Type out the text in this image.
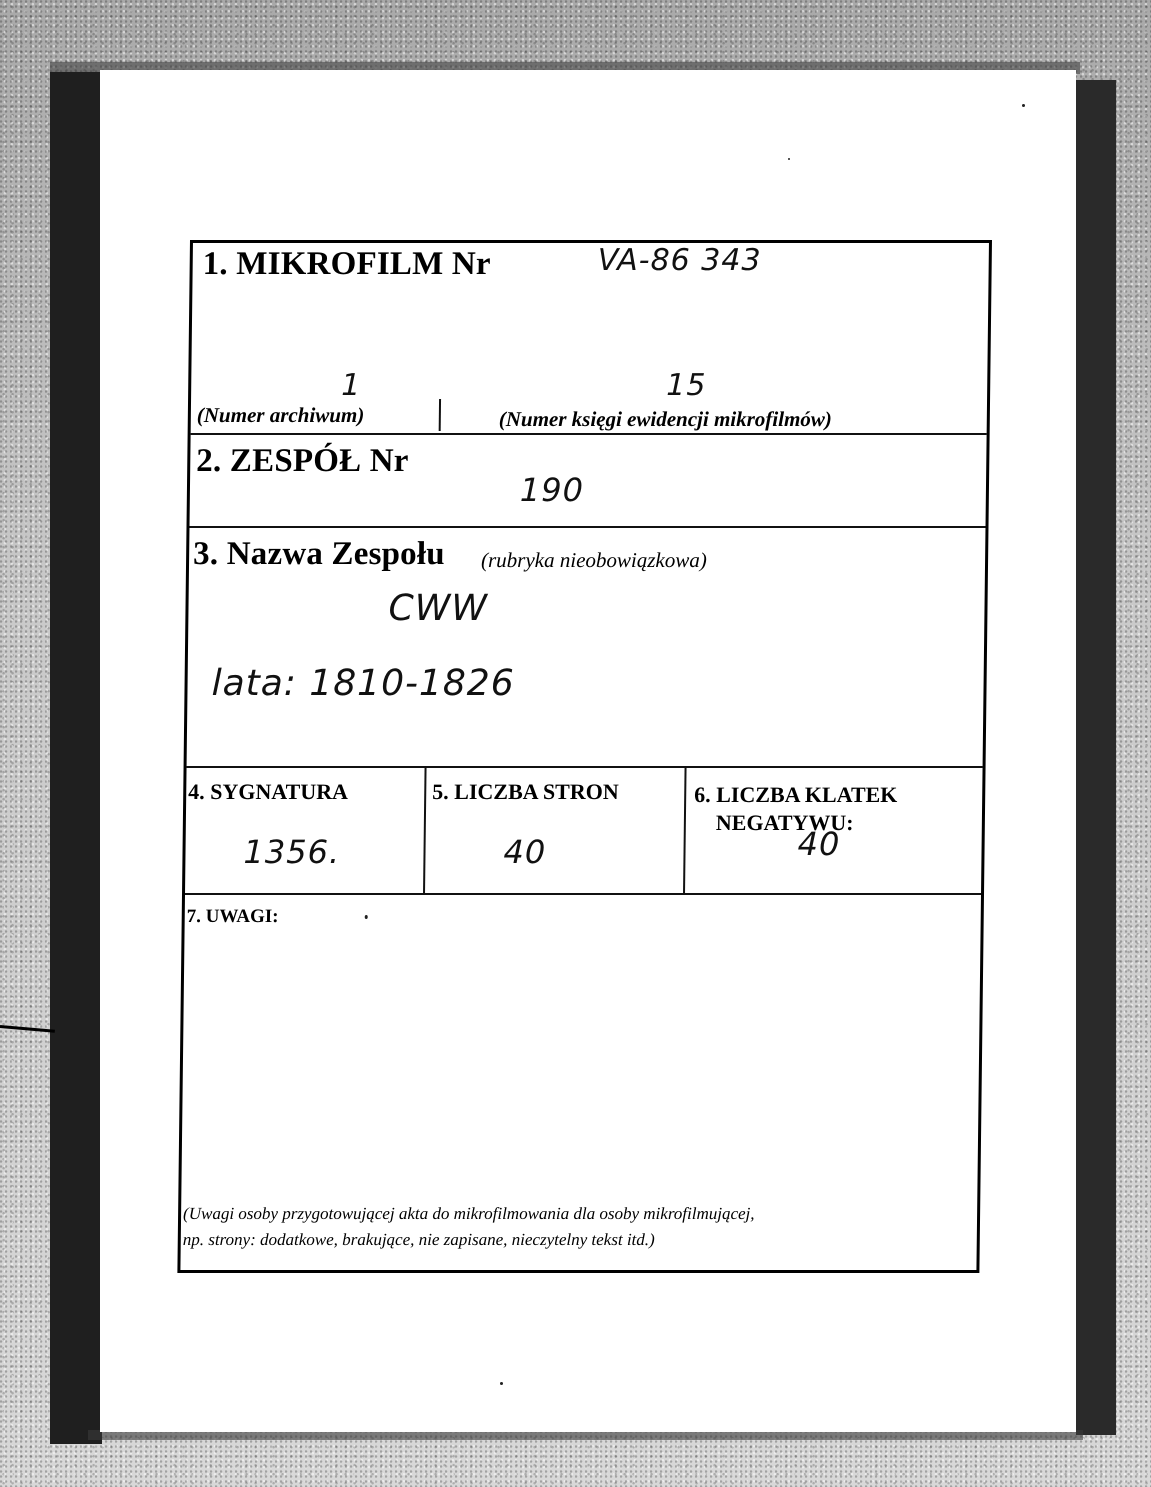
1. MIKROFILM Nr	VA-86 343
1	15
(Numer archiwum)	(Numer księgi ewidencji mikrofilmów)
2. ZESPÓŁ Nr
190
3. Nazwa Zespołu (rubryka nieobowiązkowa)
CWW
lata: 1810-1826
4. SYGNATURA
1356.
5. LICZBA STRON
40
6. LICZBA KLATEK
NEGATYWU:
40
7. UWAGI:
(Uwagi osoby przygotowującej akta do mikrofilmowania dla osoby mikrofilmującej,
np. strony: dodatkowe, brakujące, nie zapisane, nieczytelny tekst itd.)
